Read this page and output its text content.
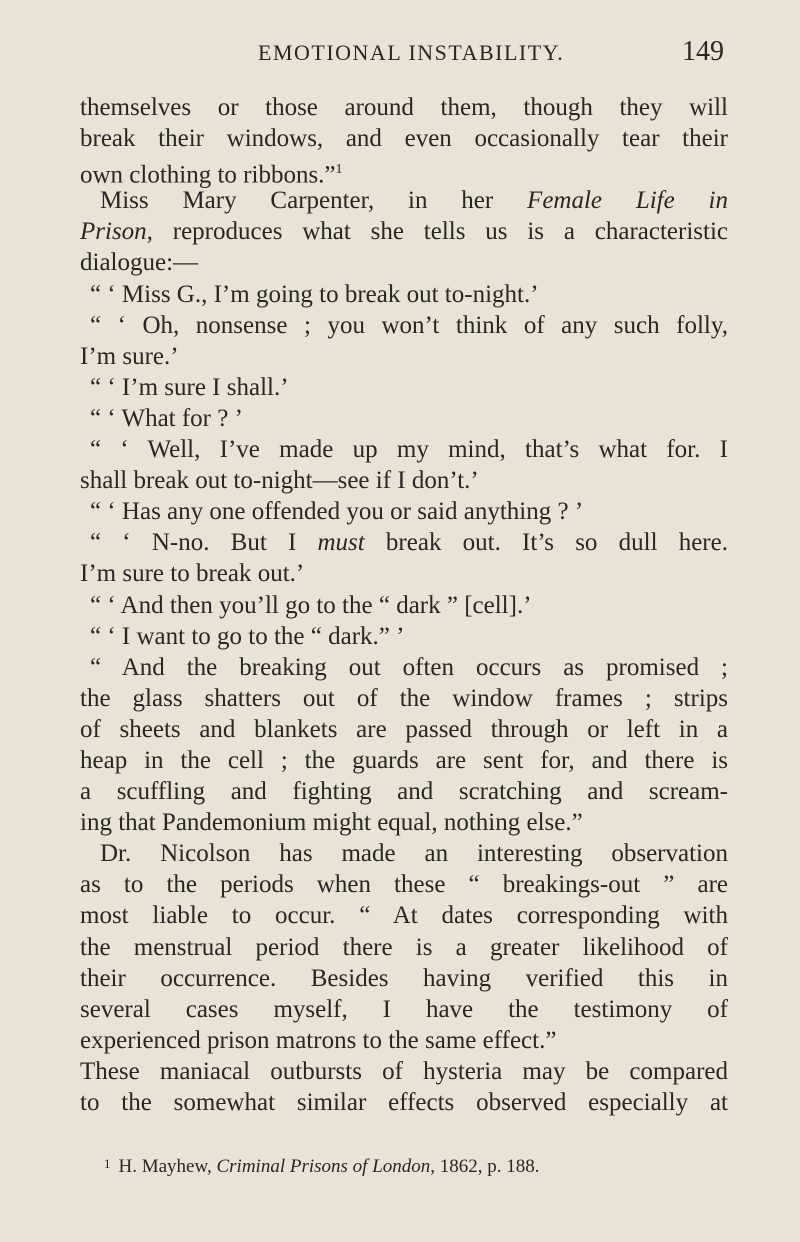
EMOTIONAL INSTABILITY.	149
themselves or those around them, though they will
break their windows, and even occasionally tear their
own clothing to ribbons.”$^1$
Miss Mary Carpenter, in her Female Life in
Prison, reproduces what she tells us is a characteristic
dialogue:—
“ ‘ Miss G., I’m going to break out to-night.’
“ ‘ Oh, nonsense ; you won’t think of any such folly,
I’m sure.’
“ ‘ I’m sure I shall.’
“ ‘ What for ? ’
“ ‘ Well, I’ve made up my mind, that’s what for. I
shall break out to-night—see if I don’t.’
“ ‘ Has any one offended you or said anything ? ’
“ ‘ N-no. But I must break out. It’s so dull here.
I’m sure to break out.’
“ ‘ And then you’ll go to the “ dark ” [cell].’
“ ‘ I want to go to the “ dark.” ’
“ And the breaking out often occurs as promised ;
the glass shatters out of the window frames ; strips
of sheets and blankets are passed through or left in a
heap in the cell ; the guards are sent for, and there is
a scuffling and fighting and scratching and scream-
ing that Pandemonium might equal, nothing else.”
Dr. Nicolson has made an interesting observation
as to the periods when these “ breakings-out ” are
most liable to occur. “ At dates corresponding with
the menstrual period there is a greater likelihood of
their occurrence. Besides having verified this in
several cases myself, I have the testimony of
experienced prison matrons to the same effect.”
These maniacal outbursts of hysteria may be compared
to the somewhat similar effects observed especially at
$^1$ H. Mayhew, Criminal Prisons of London, 1862, p. 188.
